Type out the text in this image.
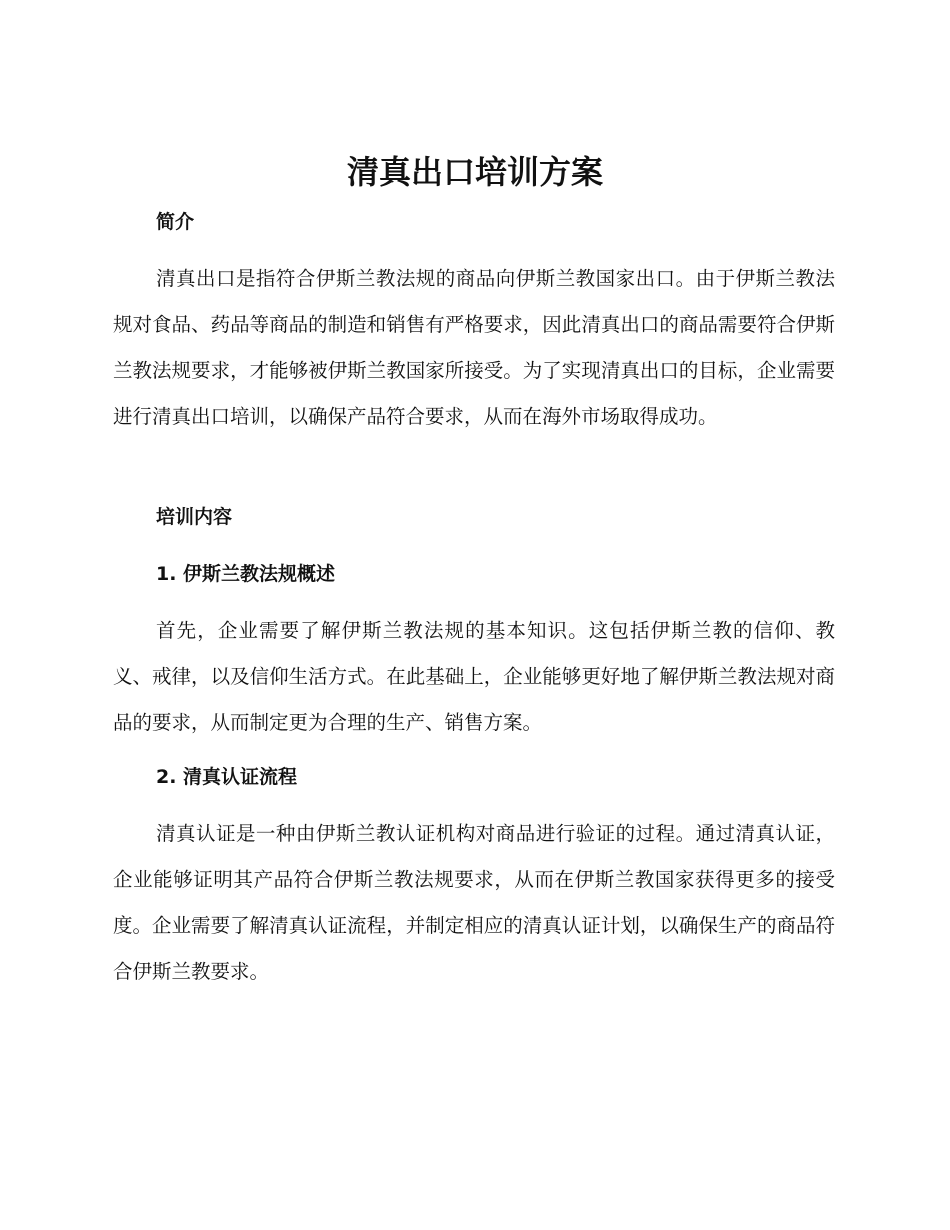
清真出口培训方案
简介

清真出口是指符合伊斯兰教法规的商品向伊斯兰教国家出口。由于伊斯兰教法规对食品、药品等商品的制造和销售有严格要求，因此清真出口的商品需要符合伊斯兰教法规要求，才能够被伊斯兰教国家所接受。为了实现清真出口的目标，企业需要进行清真出口培训，以确保产品符合要求，从而在海外市场取得成功。

培训内容
1. 伊斯兰教法规概述

首先，企业需要了解伊斯兰教法规的基本知识。这包括伊斯兰教的信仰、教义、戒律，以及信仰生活方式。在此基础上，企业能够更好地了解伊斯兰教法规对商品的要求，从而制定更为合理的生产、销售方案。

2. 清真认证流程

清真认证是一种由伊斯兰教认证机构对商品进行验证的过程。通过清真认证，企业能够证明其产品符合伊斯兰教法规要求，从而在伊斯兰教国家获得更多的接受度。企业需要了解清真认证流程，并制定相应的清真认证计划，以确保生产的商品符合伊斯兰教要求。
